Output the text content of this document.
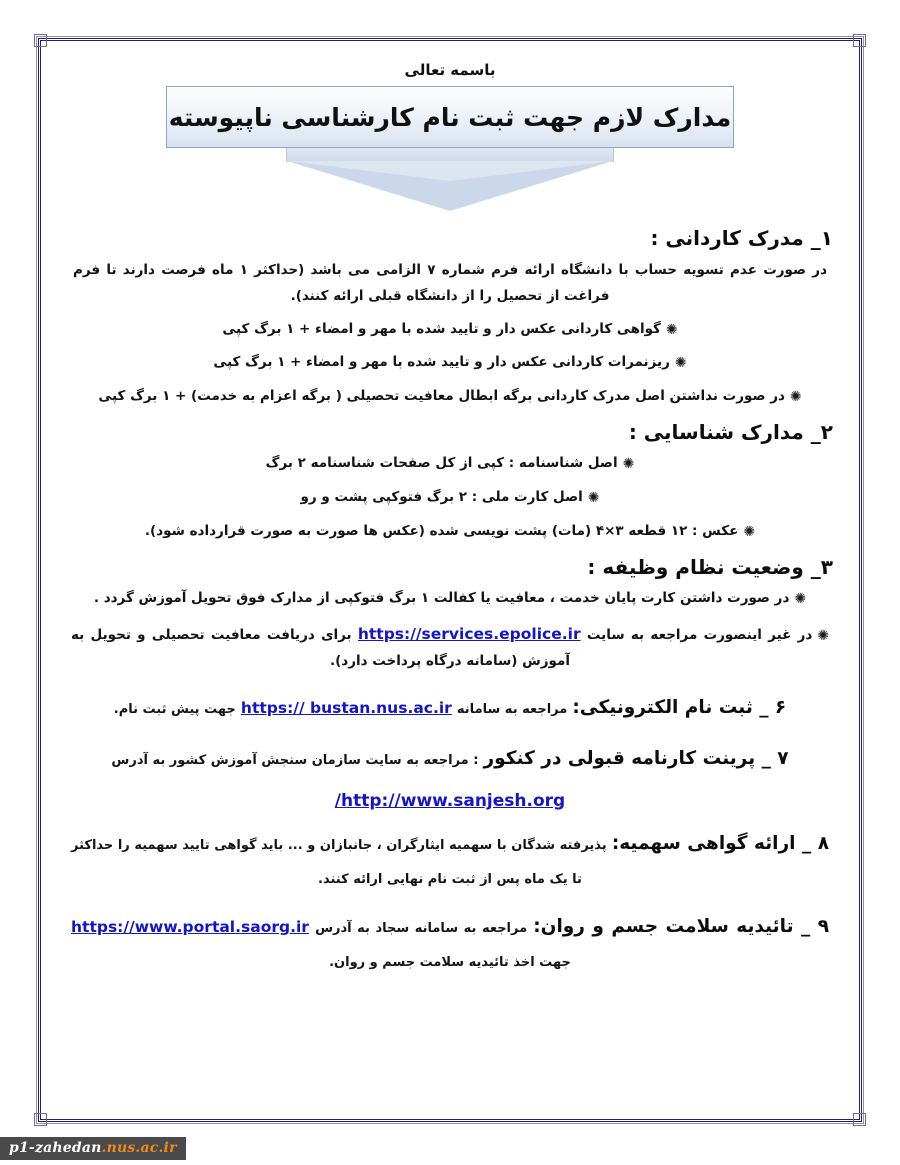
باسمه تعالی
مدارک لازم جهت ثبت نام کارشناسی ناپیوسته
۱_ مدرک کاردانی :
در صورت عدم تسویه حساب با دانشگاه ارائه فرم شماره ۷ الزامی می باشد (حداکثر ۱ ماه فرصت دارند تا فرم فراغت از تحصیل را از دانشگاه قبلی ارائه کنند).
✺گواهی کاردانی عکس دار و تایید شده با مهر و امضاء + ۱ برگ کپی
✺ریزنمرات کاردانی عکس دار و تایید شده با مهر و امضاء + ۱ برگ کپی
✺در صورت نداشتن اصل مدرک کاردانی برگه ابطال معافیت تحصیلی ( برگه اعزام به خدمت) + ۱ برگ کپی
۲_ مدارک شناسایی :
✺اصل شناسنامه : کپی از کل صفحات شناسنامه ۲ برگ
✺اصل کارت ملی : ۲ برگ فتوکپی پشت و رو
✺عکس : ۱۲ قطعه ۳×۴ (مات) پشت نویسی شده (عکس ها صورت به صورت قرارداده شود).
۳_ وضعیت نظام وظیفه :
✺در صورت داشتن کارت پایان خدمت ، معافیت یا کفالت ۱ برگ فتوکپی از مدارک فوق تحویل آموزش گردد .
✺در غیر اینصورت مراجعه به سایت https://services.epolice.ir برای دریافت معافیت تحصیلی و تحویل به آموزش (سامانه درگاه پرداخت دارد).
۶ _ ثبت نام الکترونیکی: مراجعه به سامانه https:// bustan.nus.ac.ir جهت پیش ثبت نام.
۷ _ پرینت کارنامه قبولی در کنکور : مراجعه به سایت سازمان سنجش آموزش کشور به آدرس
/http://www.sanjesh.org
۸ _ ارائه گواهی سهمیه: پذیرفته شدگان با سهمیه ایثارگران ، جانبازان و ... باید گواهی تایید سهمیه را حداکثر تا یک ماه پس از ثبت نام نهایی ارائه کنند.
۹ _ تائیدیه سلامت جسم و روان: مراجعه به سامانه سجاد به آدرس https://www.portal.saorg.ir جهت اخذ تائیدیه سلامت جسم و روان.
p1-zahedan.nus.ac.ir
